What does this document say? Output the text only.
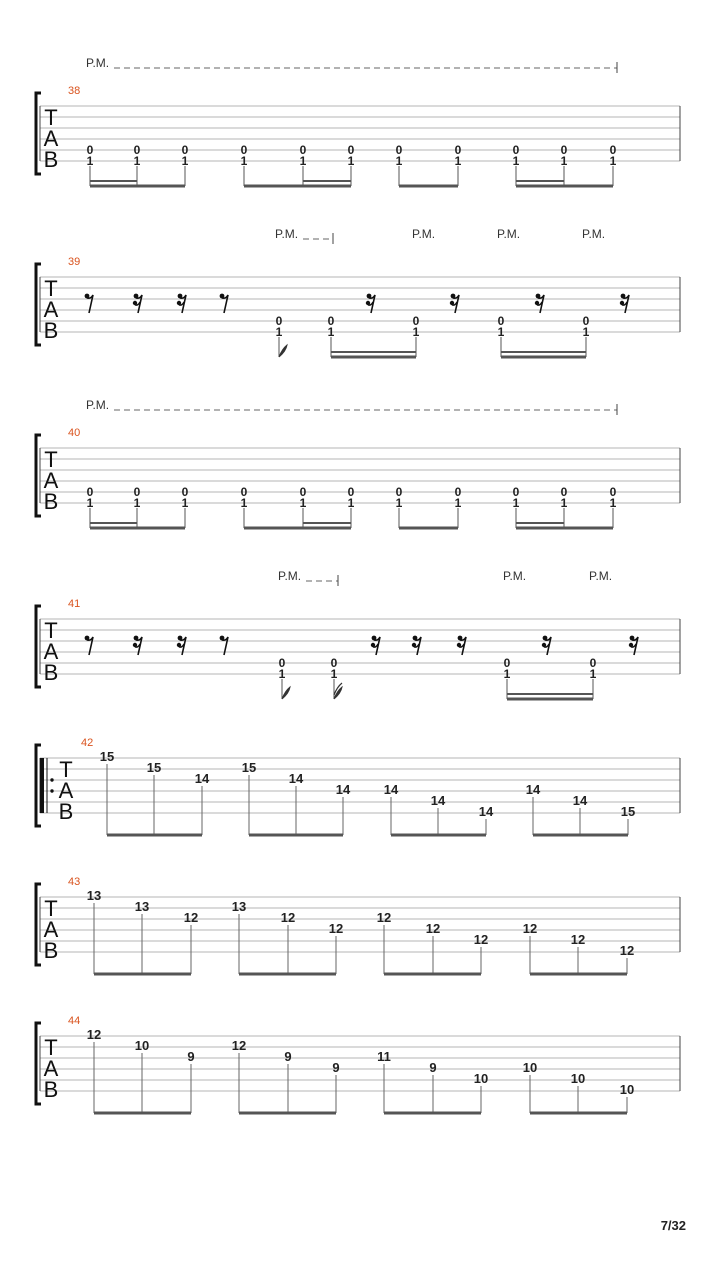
T
A
B
38
P.M.
0
1
0
1
0
1
0
1
0
1
0
1
0
1
0
1
0
1
0
1
0
1
T
A
B
39
P.M.	P.M.	P.M.	P.M.
0
1
0
1
0
1
0
1
0
1
T
A
B
40
P.M.
0
1
0
1
0
1
0
1
0
1
0
1
0
1
0
1
0
1
0
1
0
1
T
A
B
41
P.M.	P.M.	P.M.
0
1
0
1
0
1
0
1
T
A
B
42
15
15
14
15
14
14	14
14
14
14
14
15
T
A
B
43
13
13
12
13
12
12
12
12
12
12
12
12
T
A
B
44
12
10
9
12
9
9
11
9
10
10
10
10
7/32
